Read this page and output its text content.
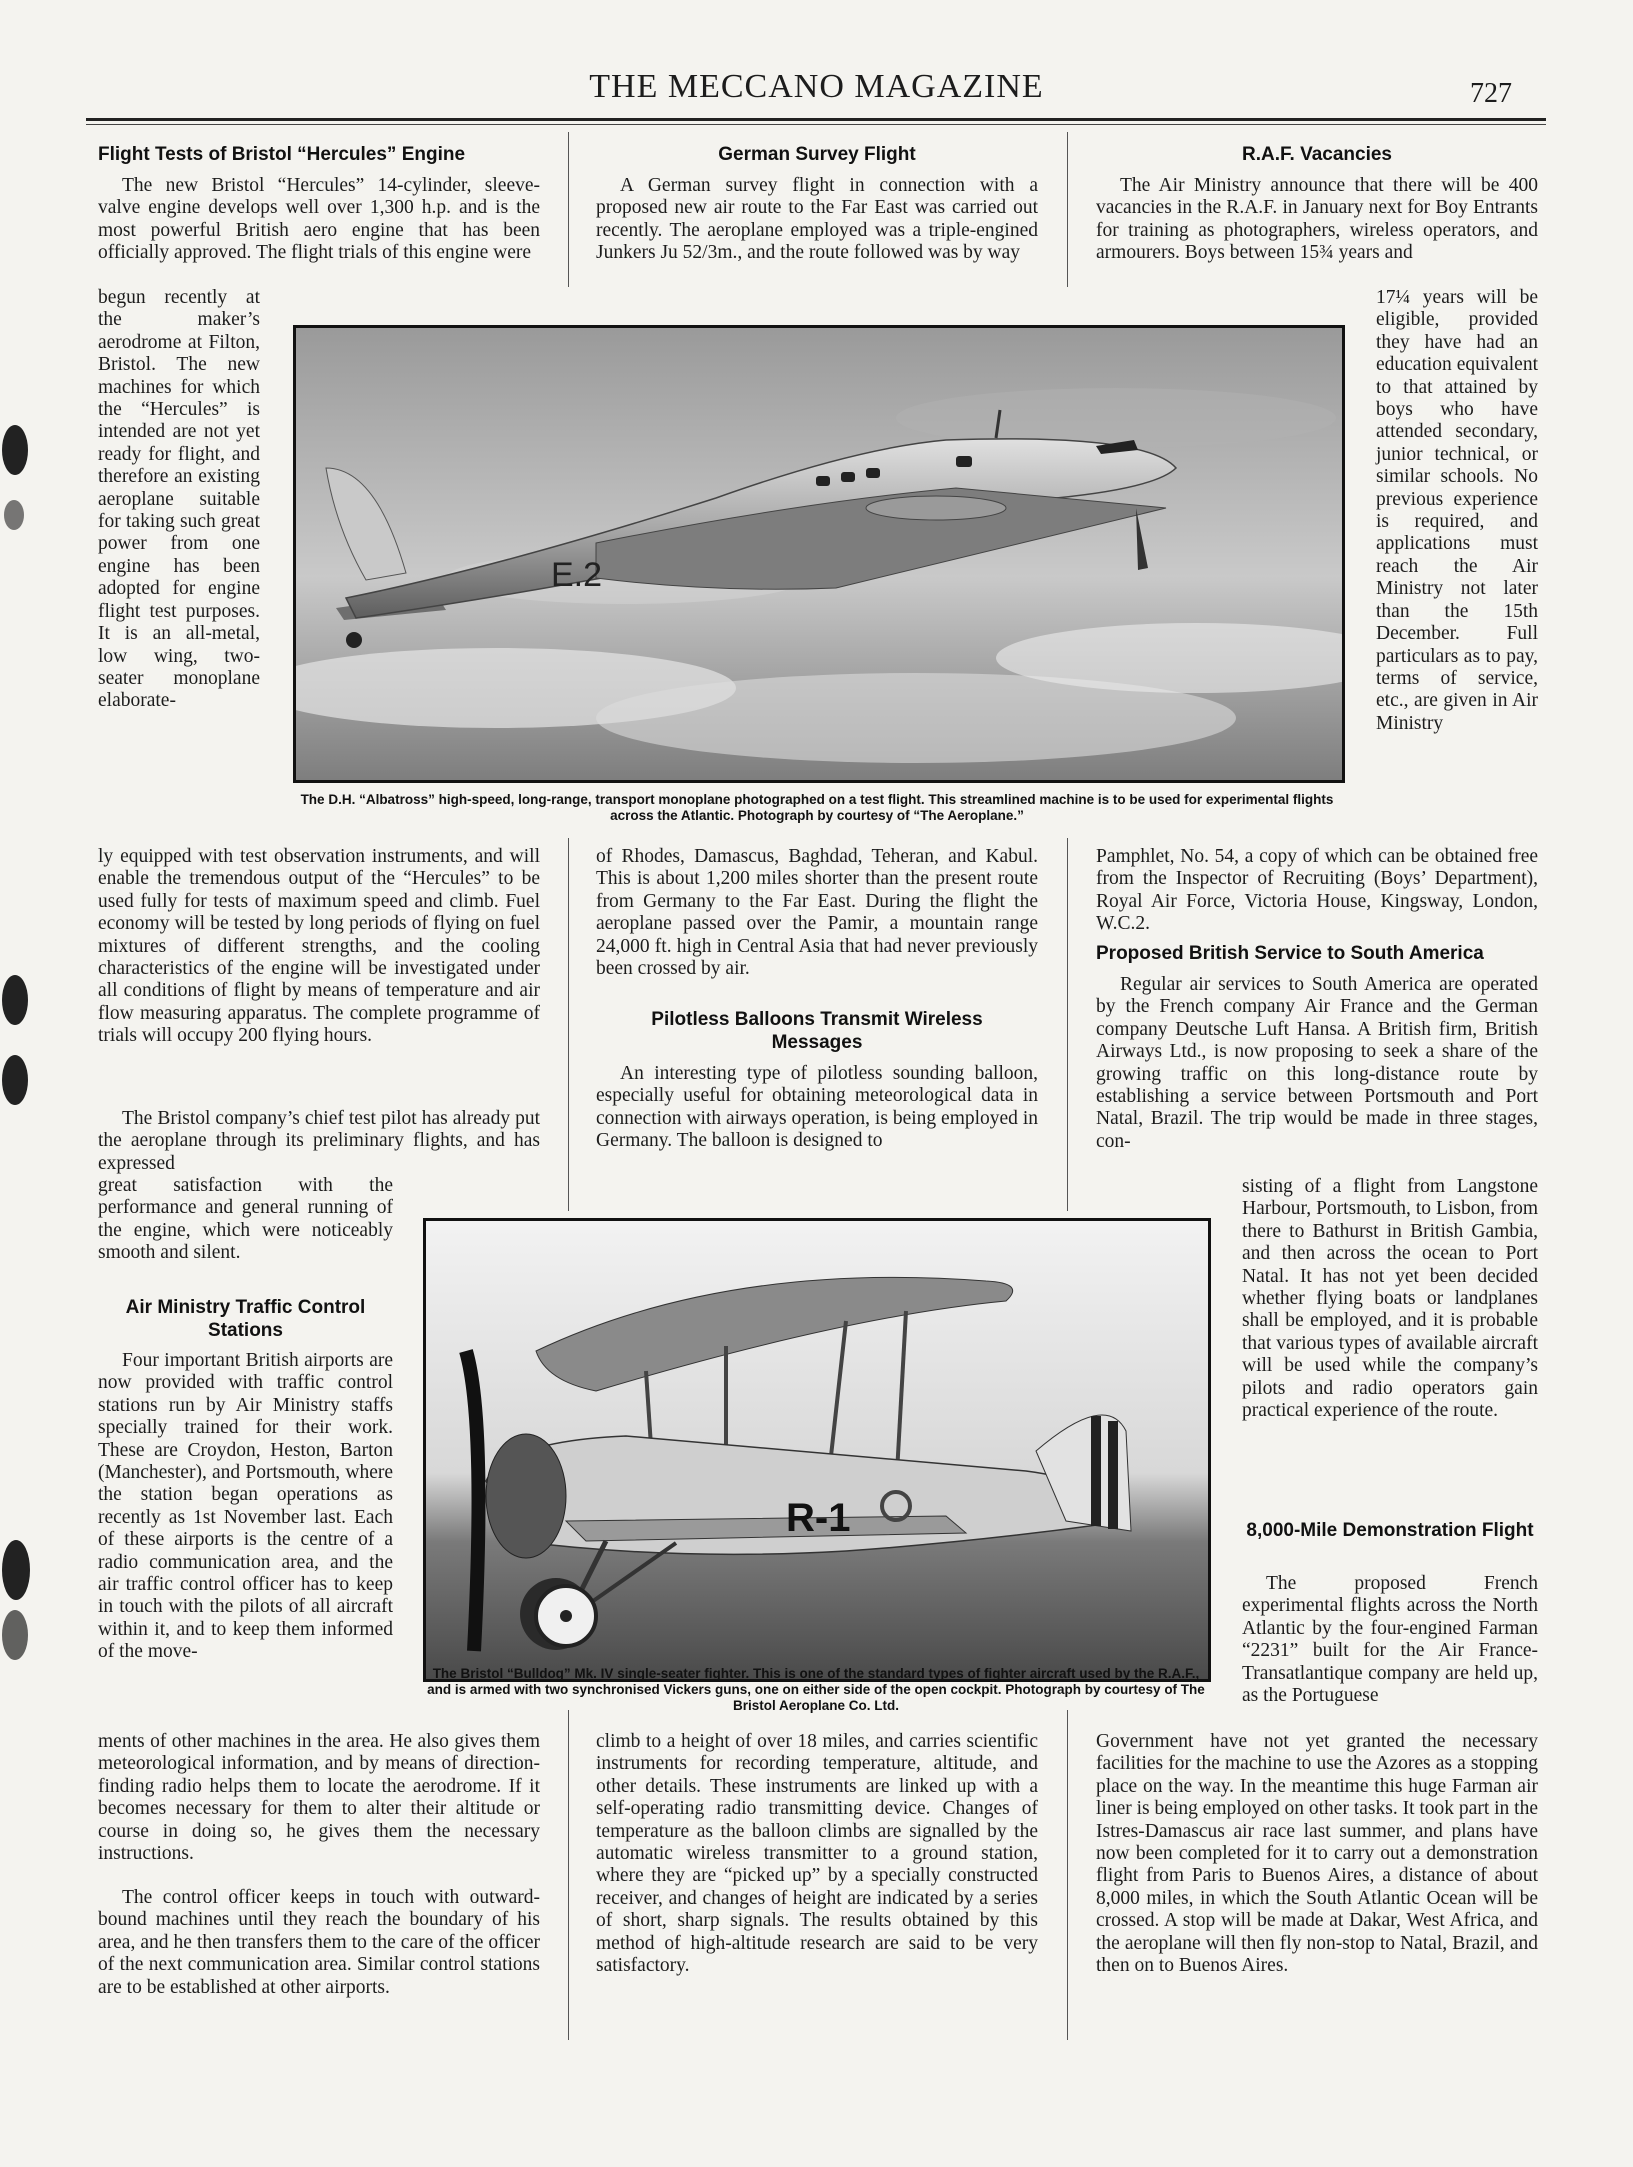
THE MECCANO MAGAZINE	727
Flight Tests of Bristol “Hercules” Engine

The new Bristol “Hercules” 14-cylinder, sleeve-valve engine develops well over 1,300 h.p. and is the most powerful British aero engine that has been officially approved. The flight trials of this engine were

begun recently at the maker’s aerodrome at Filton, Bristol. The new machines for which the “Hercules” is intended are not yet ready for flight, and therefore an existing aeroplane suitable for taking such great power from one engine has been adopted for engine flight test purposes. It is an all-metal, low wing, two-seater monoplane elaborate-

ly equipped with test observation instruments, and will enable the tremendous output of the “Hercules” to be used fully for tests of maximum speed and climb. Fuel economy will be tested by long periods of flying on fuel mixtures of different strengths, and the cooling characteristics of the engine will be investigated under all conditions of flight by means of temperature and air flow measuring apparatus. The complete programme of trials will occupy 200 flying hours.

The Bristol company’s chief test pilot has already put the aeroplane through its preliminary flights, and has expressed

great satisfaction with the performance and general running of the engine, which were noticeably smooth and silent.

Air Ministry Traffic Control Stations

Four important British airports are now provided with traffic control stations run by Air Ministry staffs specially trained for their work. These are Croydon, Heston, Barton (Manchester), and Portsmouth, where the station began operations as recently as 1st November last. Each of these airports is the centre of a radio communication area, and the air traffic control officer has to keep in touch with the pilots of all aircraft within it, and to keep them informed of the move-

ments of other machines in the area. He also gives them meteorological information, and by means of direction-finding radio helps them to locate the aerodrome. If it becomes necessary for them to alter their altitude or course in doing so, he gives them the necessary instructions.

The control officer keeps in touch with outward-bound machines until they reach the boundary of his area, and he then transfers them to the care of the officer of the next communication area. Similar control stations are to be established at other airports.

German Survey Flight

A German survey flight in connection with a proposed new air route to the Far East was carried out recently. The aeroplane employed was a triple-engined Junkers Ju 52/3m., and the route followed was by way

of Rhodes, Damascus, Baghdad, Teheran, and Kabul. This is about 1,200 miles shorter than the present route from Germany to the Far East. During the flight the aeroplane passed over the Pamir, a mountain range 24,000 ft. high in Central Asia that had never previously been crossed by air.

Pilotless Balloons Transmit Wireless Messages

An interesting type of pilotless sounding balloon, especially useful for obtaining meteorological data in connection with airways operation, is being employed in Germany. The balloon is designed to

climb to a height of over 18 miles, and carries scientific instruments for recording temperature, altitude, and other details. These instruments are linked up with a self-operating radio transmitting device. Changes of temperature as the balloon climbs are signalled by the automatic wireless transmitter to a ground station, where they are “picked up” by a specially constructed receiver, and changes of height are indicated by a series of short, sharp signals. The results obtained by this method of high-altitude research are said to be very satisfactory.

R.A.F. Vacancies

The Air Ministry announce that there will be 400 vacancies in the R.A.F. in January next for Boy Entrants for training as photographers, wireless operators, and armourers. Boys between 15¾ years and

17¼ years will be eligible, provided they have had an education equivalent to that attained by boys who have attended secondary, junior technical, or similar schools. No previous experience is required, and applications must reach the Air Ministry not later than the 15th December. Full particulars as to pay, terms of service, etc., are given in Air Ministry

Pamphlet, No. 54, a copy of which can be obtained free from the Inspector of Recruiting (Boys’ Department), Royal Air Force, Victoria House, Kingsway, London, W.C.2.

Proposed British Service to South America

Regular air services to South America are operated by the French company Air France and the German company Deutsche Luft Hansa. A British firm, British Airways Ltd., is now proposing to seek a share of the growing traffic on this long-distance route by establishing a service between Portsmouth and Port Natal, Brazil. The trip would be made in three stages, con-

sisting of a flight from Langstone Harbour, Portsmouth, to Lisbon, from there to Bathurst in British Gambia, and then across the ocean to Port Natal. It has not yet been decided whether flying boats or landplanes shall be employed, and it is probable that various types of available aircraft will be used while the company’s pilots and radio operators gain practical experience of the route.

8,000-Mile Demonstration Flight

The proposed French experimental flights across the North Atlantic by the four-engined Farman “2231” built for the Air France-Transatlantique company are held up, as the Portuguese

Government have not yet granted the necessary facilities for the machine to use the Azores as a stopping place on the way. In the meantime this huge Farman air liner is being employed on other tasks. It took part in the Istres-Damascus air race last summer, and plans have now been completed for it to carry out a demonstration flight from Paris to Buenos Aires, a distance of about 8,000 miles, in which the South Atlantic Ocean will be crossed. A stop will be made at Dakar, West Africa, and the aeroplane will then fly non-stop to Natal, Brazil, and then on to Buenos Aires.

E.2
The D.H. “Albatross” high-speed, long-range, transport monoplane photographed on a test flight. This streamlined machine is to be used for experimental flights across the Atlantic. Photograph by courtesy of “The Aeroplane.”
R-1
The Bristol “Bulldog” Mk. IV single-seater fighter. This is one of the standard types of fighter aircraft used by the R.A.F., and is armed with two synchronised Vickers guns, one on either side of the open cockpit. Photograph by courtesy of The Bristol Aeroplane Co. Ltd.
